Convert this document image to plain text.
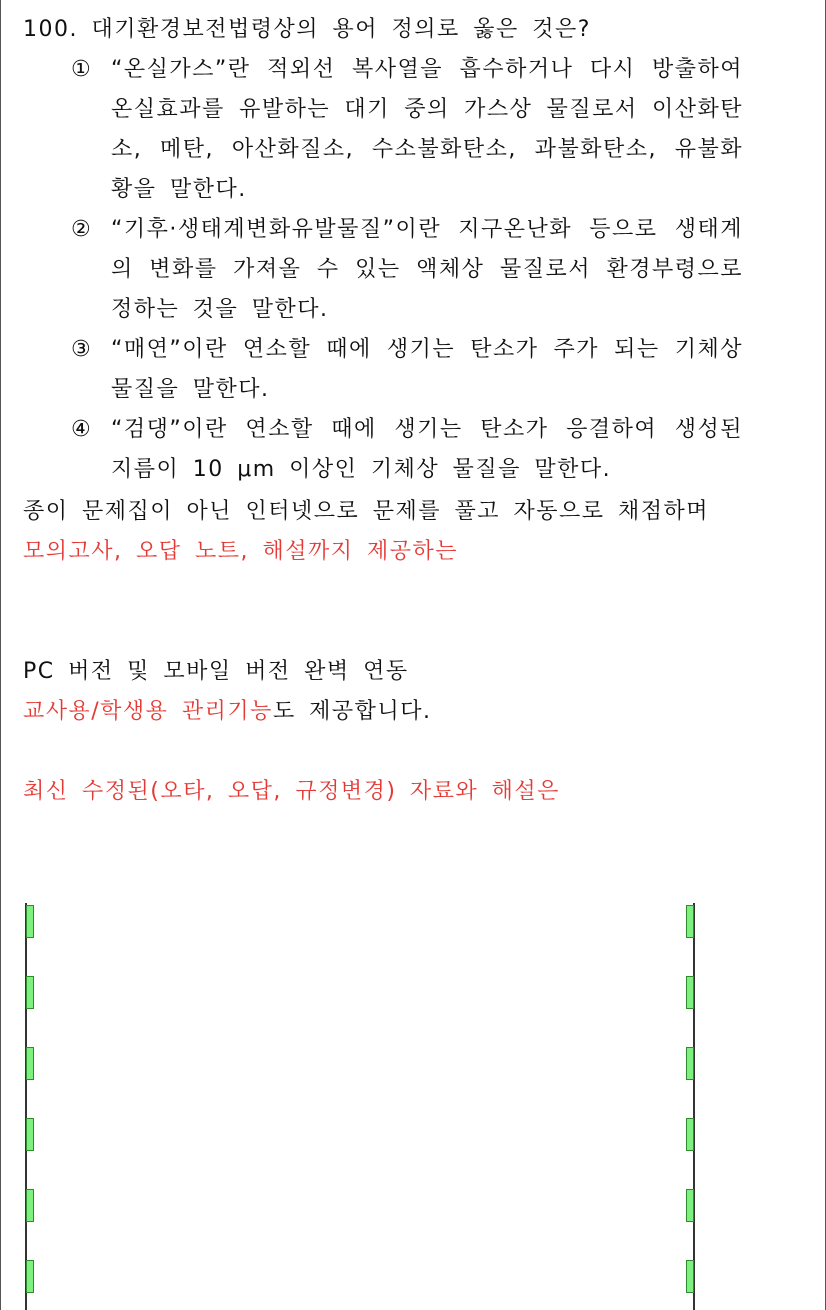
100. 대기환경보전법령상의 용어 정의로 옳은 것은?

① “온실가스”란 적외선 복사열을 흡수하거나 다시 방출하여 온실효과를 유발하는 대기 중의 가스상 물질로서 이산화탄소, 메탄, 아산화질소, 수소불화탄소, 과불화탄소, 유불화황을 말한다.
② “기후·생태계변화유발물질”이란 지구온난화 등으로 생태계의 변화를 가져올 수 있는 액체상 물질로서 환경부령으로 정하는 것을 말한다.
③ “매연”이란 연소할 때에 생기는 탄소가 주가 되는 기체상 물질을 말한다.
④ “검댕”이란 연소할 때에 생기는 탄소가 응결하여 생성된 지름이 10 μm 이상인 기체상 물질을 말한다.

종이 문제집이 아닌 인터넷으로 문제를 풀고 자동으로 채점하며

모의고사, 오답 노트, 해설까지 제공하는

PC 버전 및 모바일 버전 완벽 연동

교사용/학생용 관리기능도 제공합니다.

최신 수정된(오타, 오답, 규정변경) 자료와 해설은
